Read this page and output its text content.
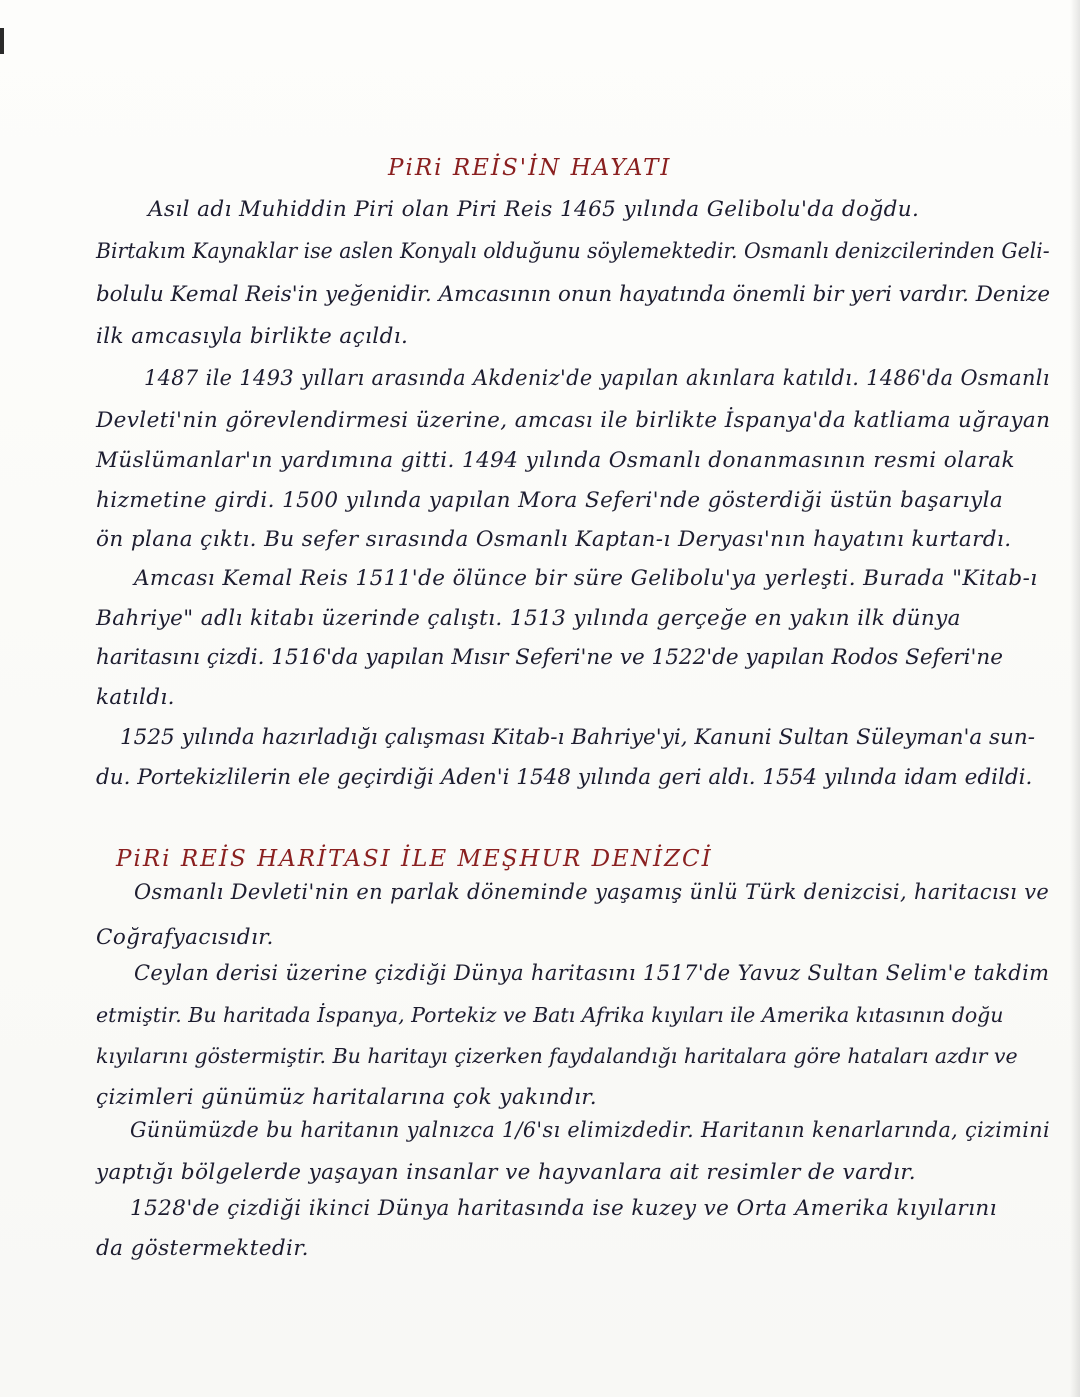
PiRi REİS'İN HAYATI
Asıl adı Muhiddin Piri olan Piri Reis 1465 yılında Gelibolu'da doğdu.
Birtakım Kaynaklar ise aslen Konyalı olduğunu söylemektedir. Osmanlı denizcilerinden Geli-
bolulu Kemal Reis'in yeğenidir. Amcasının onun hayatında önemli bir yeri vardır. Denize
ilk amcasıyla birlikte açıldı.
1487 ile 1493 yılları arasında Akdeniz'de yapılan akınlara katıldı. 1486'da Osmanlı
Devleti'nin görevlendirmesi üzerine, amcası ile birlikte İspanya'da katliama uğrayan
Müslümanlar'ın yardımına gitti. 1494 yılında Osmanlı donanmasının resmi olarak
hizmetine girdi. 1500 yılında yapılan Mora Seferi'nde gösterdiği üstün başarıyla
ön plana çıktı. Bu sefer sırasında Osmanlı Kaptan-ı Deryası'nın hayatını kurtardı.
Amcası Kemal Reis 1511'de ölünce bir süre Gelibolu'ya yerleşti. Burada "Kitab-ı
Bahriye" adlı kitabı üzerinde çalıştı. 1513 yılında gerçeğe en yakın ilk dünya
haritasını çizdi. 1516'da yapılan Mısır Seferi'ne ve 1522'de yapılan Rodos Seferi'ne
katıldı.
1525 yılında hazırladığı çalışması Kitab-ı Bahriye'yi, Kanuni Sultan Süleyman'a sun-
du. Portekizlilerin ele geçirdiği Aden'i 1548 yılında geri aldı. 1554 yılında idam edildi.
PiRi REİS HARİTASI İLE MEŞHUR DENİZCİ
Osmanlı Devleti'nin en parlak döneminde yaşamış ünlü Türk denizcisi, haritacısı ve
Coğrafyacısıdır.
Ceylan derisi üzerine çizdiği Dünya haritasını 1517'de Yavuz Sultan Selim'e takdim
etmiştir. Bu haritada İspanya, Portekiz ve Batı Afrika kıyıları ile Amerika kıtasının doğu
kıyılarını göstermiştir. Bu haritayı çizerken faydalandığı haritalara göre hataları azdır ve
çizimleri günümüz haritalarına çok yakındır.
Günümüzde bu haritanın yalnızca 1/6'sı elimizdedir. Haritanın kenarlarında, çizimini
yaptığı bölgelerde yaşayan insanlar ve hayvanlara ait resimler de vardır.
1528'de çizdiği ikinci Dünya haritasında ise kuzey ve Orta Amerika kıyılarını
da göstermektedir.
